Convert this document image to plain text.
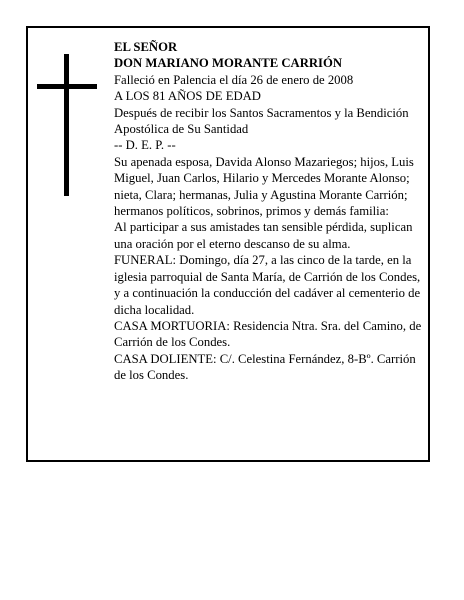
EL SEÑOR

DON MARIANO MORANTE CARRIÓN

Falleció en Palencia el día 26 de enero de 2008

A LOS 81 AÑOS DE EDAD

Después de recibir los Santos Sacramentos y la Bendición Apostólica de Su Santidad

-- D. E. P. --

Su apenada esposa, Davida Alonso Mazariegos; hijos, Luis Miguel, Juan Carlos, Hilario y Mercedes Morante Alonso; nieta, Clara; hermanas, Julia y Agustina Morante Carrión; hermanos políticos, sobrinos, primos y demás familia:

Al participar a sus amistades tan sensible pérdida, suplican una oración por el eterno descanso de su alma.

FUNERAL: Domingo, día 27, a las cinco de la tarde, en la iglesia parroquial de Santa María, de Carrión de los Condes, y a continuación la conducción del cadáver al cementerio de dicha localidad.

CASA MORTUORIA: Residencia Ntra. Sra. del Camino, de Carrión de los Condes.

CASA DOLIENTE: C/. Celestina Fernández, 8-Bº. Carrión de los Condes.
